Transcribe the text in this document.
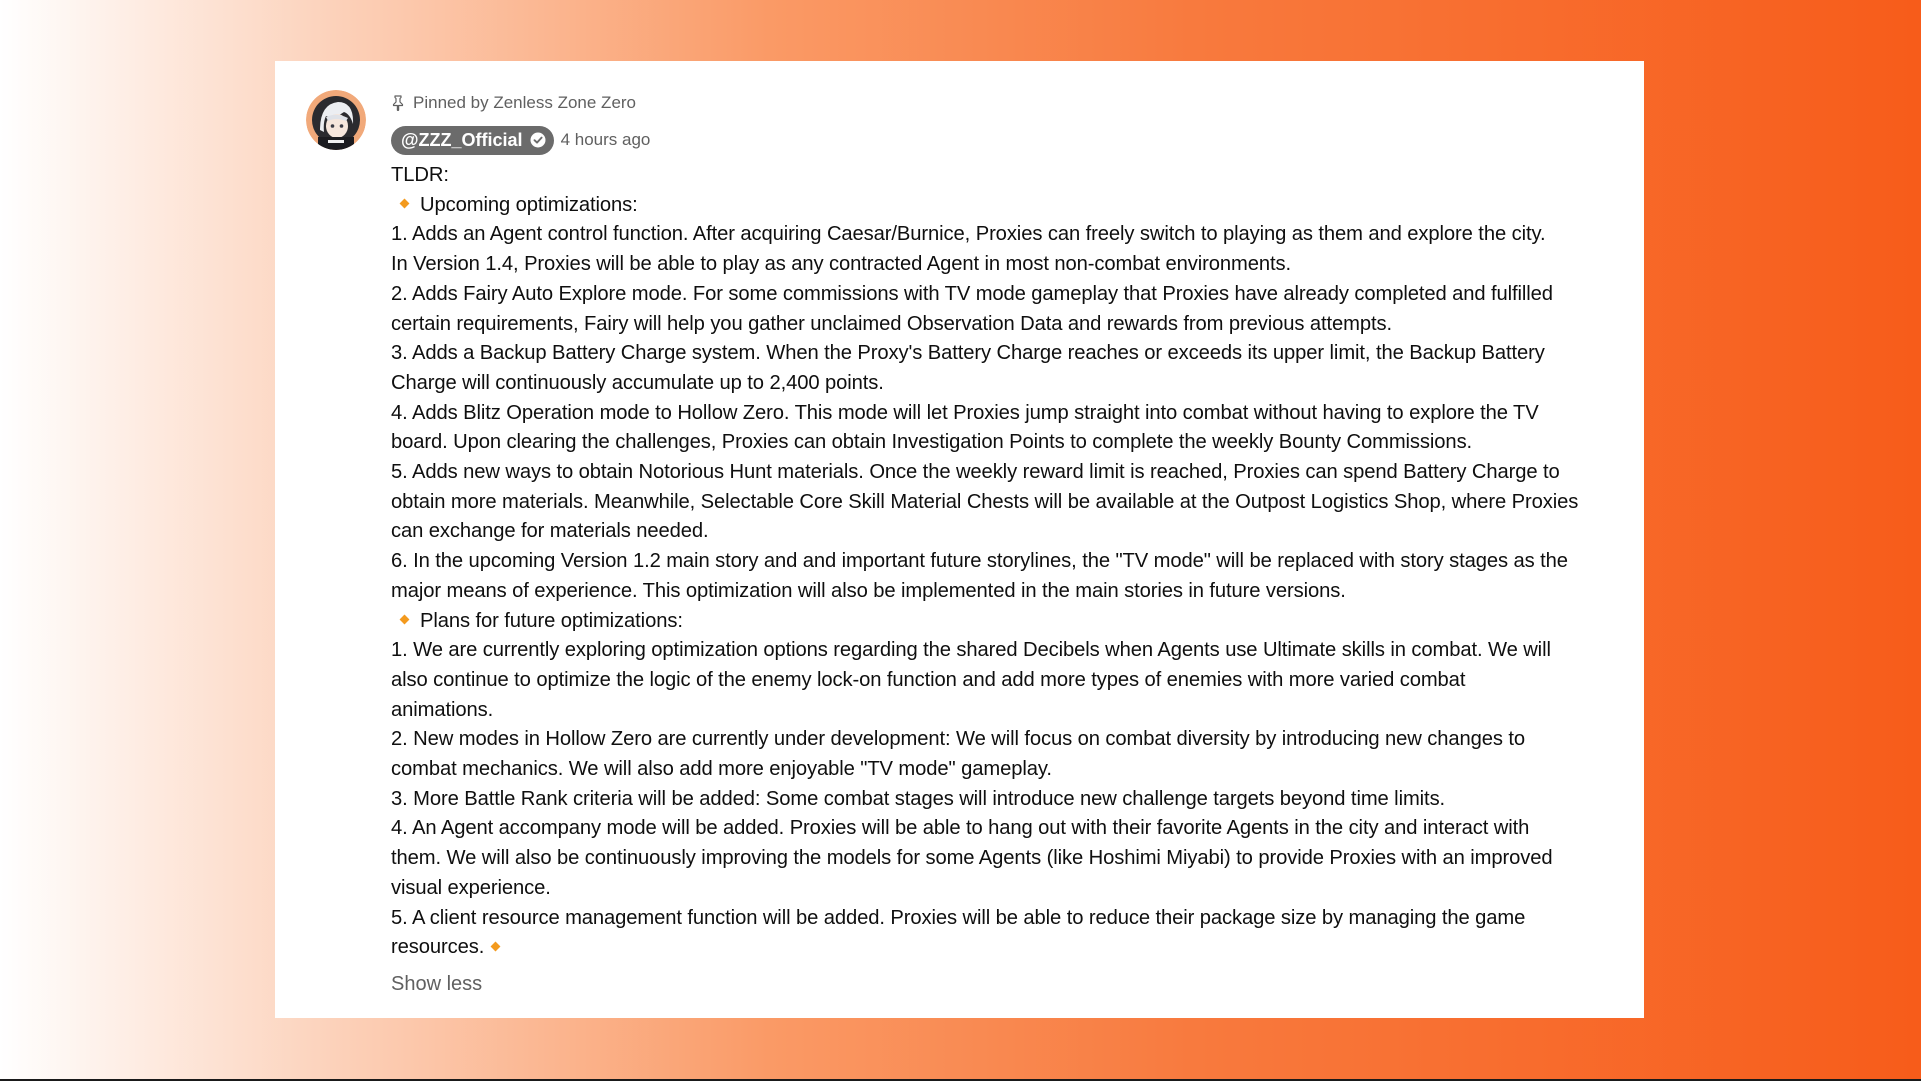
Pinned by Zenless Zone Zero
@ZZZ_Official 4 hours ago
TLDR:
Upcoming optimizations:
1. Adds an Agent control function. After acquiring Caesar/Burnice, Proxies can freely switch to playing as them and explore the city.
In Version 1.4, Proxies will be able to play as any contracted Agent in most non-combat environments.
2. Adds Fairy Auto Explore mode. For some commissions with TV mode gameplay that Proxies have already completed and fulfilled
certain requirements, Fairy will help you gather unclaimed Observation Data and rewards from previous attempts.
3. Adds a Backup Battery Charge system. When the Proxy's Battery Charge reaches or exceeds its upper limit, the Backup Battery
Charge will continuously accumulate up to 2,400 points.
4. Adds Blitz Operation mode to Hollow Zero. This mode will let Proxies jump straight into combat without having to explore the TV
board. Upon clearing the challenges, Proxies can obtain Investigation Points to complete the weekly Bounty Commissions.
5. Adds new ways to obtain Notorious Hunt materials. Once the weekly reward limit is reached, Proxies can spend Battery Charge to
obtain more materials. Meanwhile, Selectable Core Skill Material Chests will be available at the Outpost Logistics Shop, where Proxies
can exchange for materials needed.
6. In the upcoming Version 1.2 main story and and important future storylines, the "TV mode" will be replaced with story stages as the
major means of experience. This optimization will also be implemented in the main stories in future versions.
Plans for future optimizations:
1. We are currently exploring optimization options regarding the shared Decibels when Agents use Ultimate skills in combat. We will
also continue to optimize the logic of the enemy lock-on function and add more types of enemies with more varied combat
animations.
2. New modes in Hollow Zero are currently under development: We will focus on combat diversity by introducing new changes to
combat mechanics. We will also add more enjoyable "TV mode" gameplay.
3. More Battle Rank criteria will be added: Some combat stages will introduce new challenge targets beyond time limits.
4. An Agent accompany mode will be added. Proxies will be able to hang out with their favorite Agents in the city and interact with
them. We will also be continuously improving the models for some Agents (like Hoshimi Miyabi) to provide Proxies with an improved
visual experience.
5. A client resource management function will be added. Proxies will be able to reduce their package size by managing the game
resources.
Show less
